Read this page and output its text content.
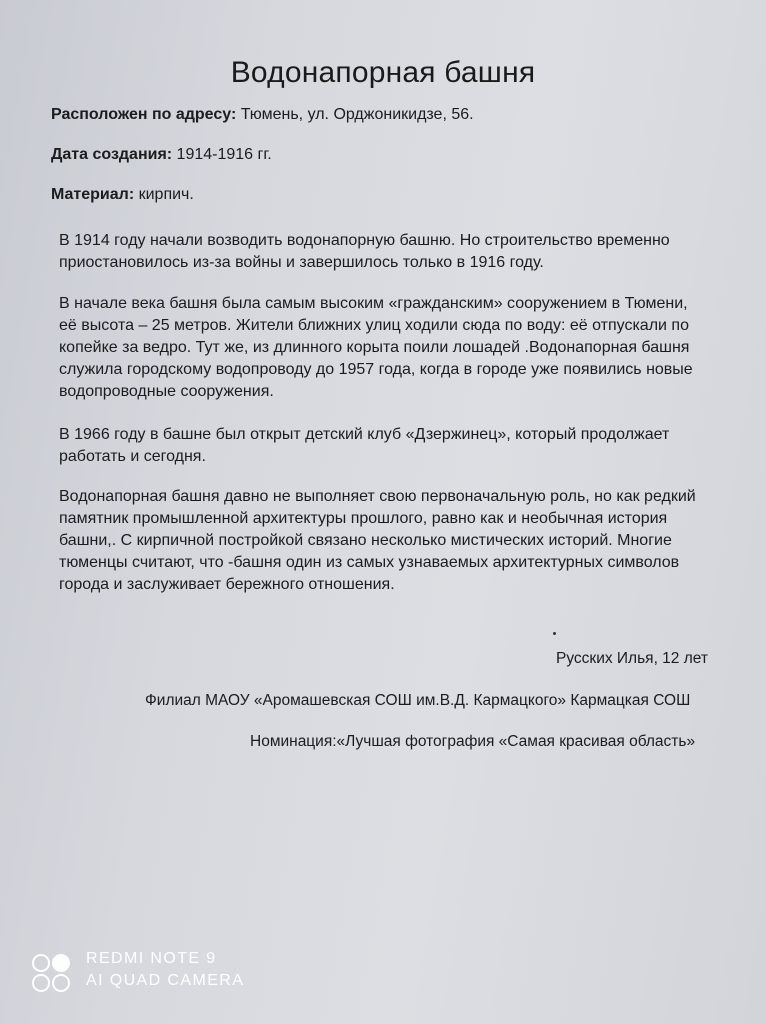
Водонапорная башня
Расположен по адресу: Тюмень, ул. Орджоникидзе, 56.
Дата создания: 1914-1916 гг.
Материал: кирпич.
В 1914 году начали возводить водонапорную башню. Но строительство временно
приостановилось из-за войны и завершилось только в 1916 году.
В начале века башня была самым высоким «гражданским» сооружением в Тюмени,
её высота – 25 метров. Жители ближних улиц ходили сюда по воду: её отпускали по
копейке за ведро. Тут же, из длинного корыта поили лошадей .Водонапорная башня
служила городскому водопроводу до 1957 года, когда в городе уже появились новые
водопроводные сооружения.
В 1966 году в башне был открыт детский клуб «Дзержинец», который продолжает
работать и сегодня.
Водонапорная башня давно не выполняет свою первоначальную роль, но как редкий
памятник промышленной архитектуры прошлого, равно как и необычная история
башни,. С кирпичной постройкой связано несколько мистических историй. Многие
тюменцы считают, что -башня один из самых узнаваемых архитектурных символов
города и заслуживает бережного отношения.
Русских Илья, 12 лет
Филиал МАОУ «Аромашевская СОШ им.В.Д. Кармацкого» Кармацкая СОШ
Номинация:«Лучшая фотография «Самая красивая область»
REDMI NOTE 9
AI QUAD CAMERA
